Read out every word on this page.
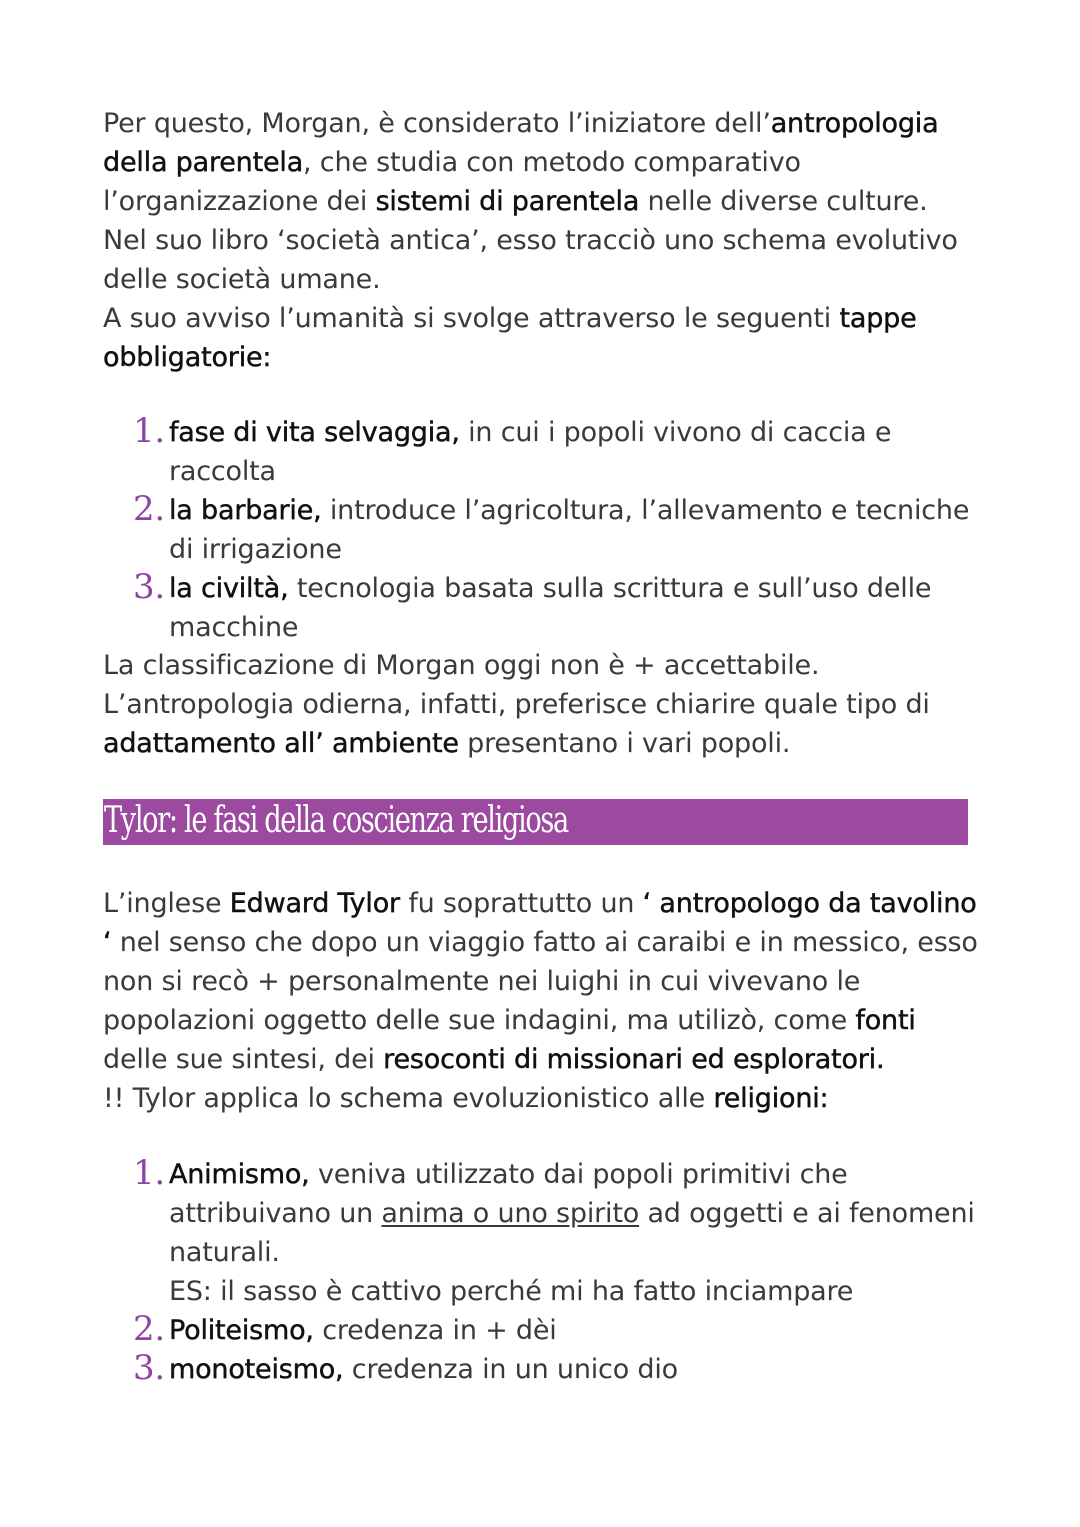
Per questo, Morgan, è considerato l’iniziatore dell’antropologia della parentela, che studia con metodo comparativo l’organizzazione dei sistemi di parentela nelle diverse culture.

Nel suo libro ‘società antica’, esso tracciò uno schema evolutivo delle società umane.

A suo avviso l’umanità si svolge attraverso le seguenti tappe obbligatorie:

1. fase di vita selvaggia, in cui i popoli vivono di caccia e raccolta
2. la barbarie, introduce l’agricoltura, l’allevamento e tecniche di irrigazione
3. la civiltà, tecnologia basata sulla scrittura e sull’uso delle macchine

La classificazione di Morgan oggi non è + accettabile.

L’antropologia odierna, infatti, preferisce chiarire quale tipo di adattamento all’ ambiente presentano i vari popoli.

Tylor: le fasi della coscienza religiosa

L’inglese Edward Tylor fu soprattutto un ‘ antropologo da tavolino ‘ nel senso che dopo un viaggio fatto ai caraibi e in messico, esso non si recò + personalmente nei luighi in cui vivevano le popolazioni oggetto delle sue indagini, ma utilizò, come fonti delle sue sintesi, dei resoconti di missionari ed esploratori.

!! Tylor applica lo schema evoluzionistico alle religioni:

1. Animismo, veniva utilizzato dai popoli primitivi che attribuivano un anima o uno spirito ad oggetti e ai fenomeni naturali.
ES: il sasso è cattivo perché mi ha fatto inciampare
2. Politeismo, credenza in + dèi
3. monoteismo, credenza in un unico dio
